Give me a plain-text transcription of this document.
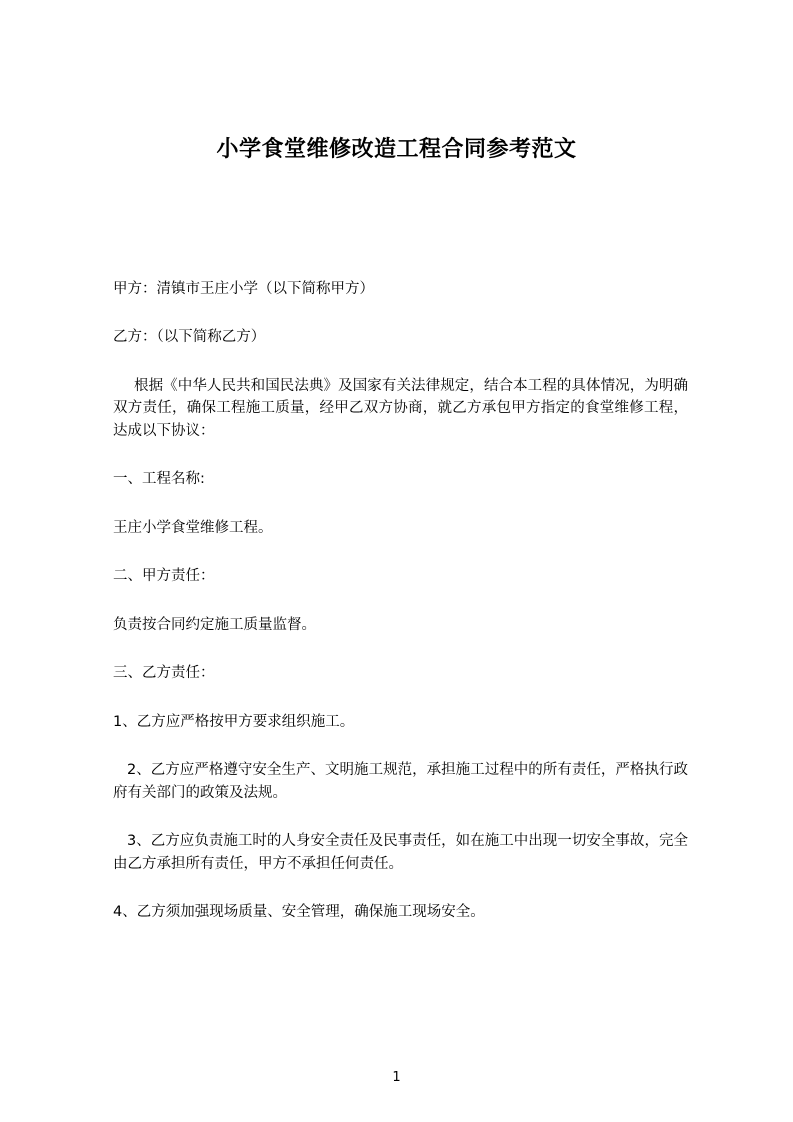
小学食堂维修改造工程合同参考范文

甲方：清镇市王庄小学（以下简称甲方）

乙方：（以下简称乙方）

根据《中华人民共和国民法典》及国家有关法律规定，结合本工程的具体情况，为明确双方责任，确保工程施工质量，经甲乙双方协商，就乙方承包甲方指定的食堂维修工程，达成以下协议：

一、工程名称:

王庄小学食堂维修工程。

二、甲方责任：

负责按合同约定施工质量监督。

三、乙方责任：

1、乙方应严格按甲方要求组织施工。

2、乙方应严格遵守安全生产、文明施工规范，承担施工过程中的所有责任，严格执行政府有关部门的政策及法规。

3、乙方应负责施工时的人身安全责任及民事责任，如在施工中出现一切安全事故，完全由乙方承担所有责任，甲方不承担任何责任。

4、乙方须加强现场质量、安全管理，确保施工现场安全。

1
